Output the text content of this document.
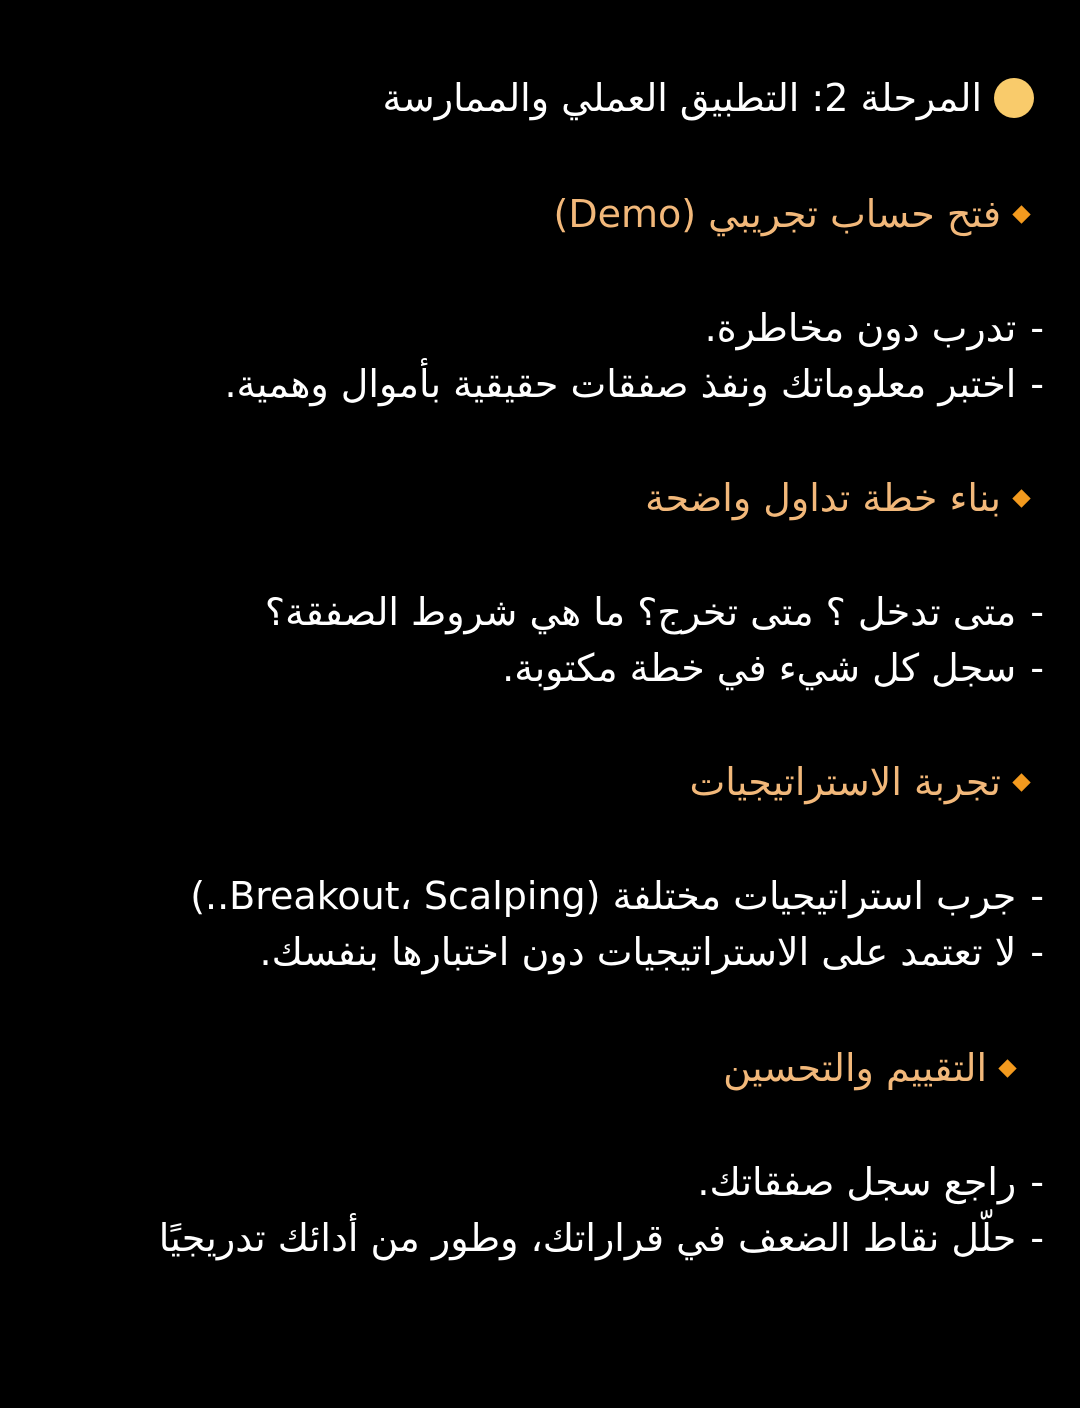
المرحلة 2: التطبيق العملي والممارسة
فتح حساب تجريبي (Demo)
-
تدرب دون مخاطرة.
-
اختبر معلوماتك ونفذ صفقات حقيقية بأموال وهمية.
بناء خطة تداول واضحة
-
متى تدخل ؟ متى تخرج؟ ما هي شروط الصفقة؟
-
سجل كل شيء في خطة مكتوبة.
تجربة الاستراتيجيات
-
جرب استراتيجيات مختلفة (Breakout، Scalping..)
-
لا تعتمد على الاستراتيجيات دون اختبارها بنفسك.
التقييم والتحسين
-
راجع سجل صفقاتك.
-
حلّل نقاط الضعف في قراراتك، وطور من أدائك تدريجيًا
